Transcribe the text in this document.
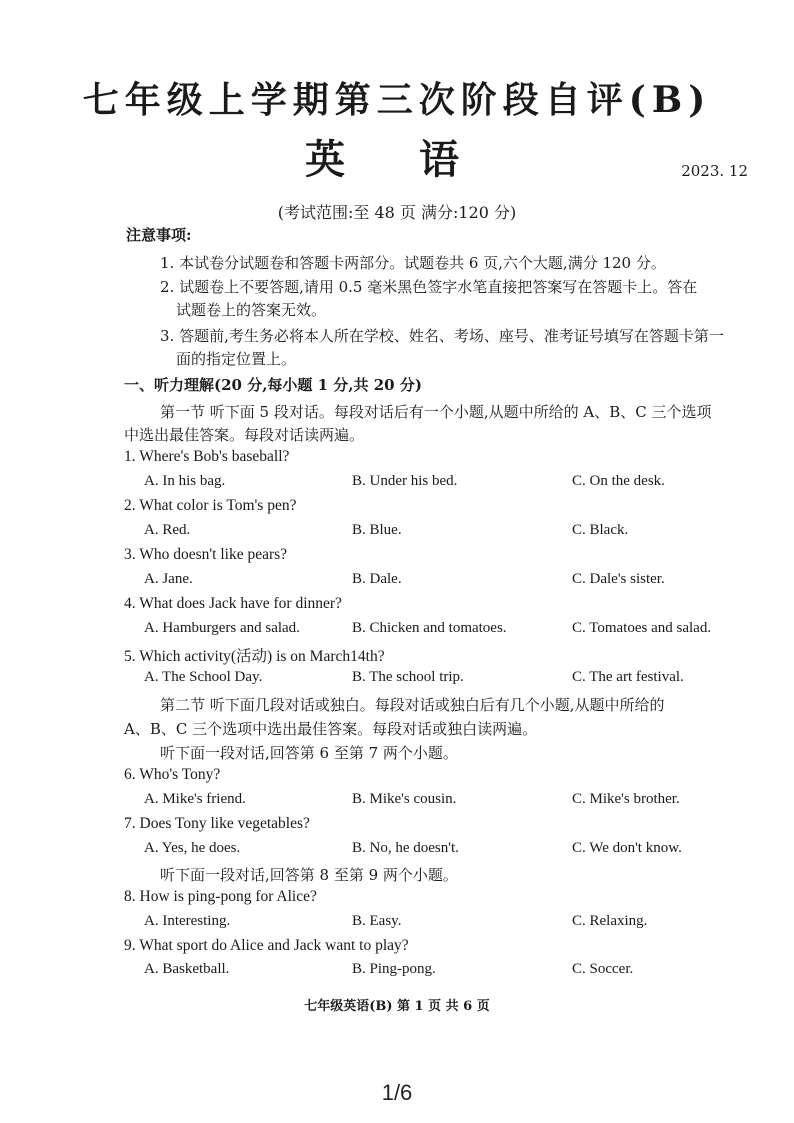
七年级上学期第三次阶段自评(B)
英 语	2023. 12
(考试范围:至 48 页 满分:120 分)
注意事项:
1. 本试卷分试题卷和答题卡两部分。试题卷共 6 页,六个大题,满分 120 分。
2. 试题卷上不要答题,请用 0.5 毫米黑色签字水笔直接把答案写在答题卡上。答在
试题卷上的答案无效。
3. 答题前,考生务必将本人所在学校、姓名、考场、座号、准考证号填写在答题卡第一
面的指定位置上。
一、听力理解(20 分,每小题 1 分,共 20 分)
第一节 听下面 5 段对话。每段对话后有一个小题,从题中所给的 A、B、C 三个选项
中选出最佳答案。每段对话读两遍。
1. Where's Bob's baseball?
A. In his bag.	B. Under his bed.	C. On the desk.
2. What color is Tom's pen?
A. Red.	B. Blue.	C. Black.
3. Who doesn't like pears?
A. Jane.	B. Dale.	C. Dale's sister.
4. What does Jack have for dinner?
A. Hamburgers and salad.	B. Chicken and tomatoes.	C. Tomatoes and salad.
5. Which activity(活动) is on March14th?
A. The School Day.	B. The school trip.	C. The art festival.
第二节 听下面几段对话或独白。每段对话或独白后有几个小题,从题中所给的
A、B、C 三个选项中选出最佳答案。每段对话或独白读两遍。
听下面一段对话,回答第 6 至第 7 两个小题。
6. Who's Tony?
A. Mike's friend.	B. Mike's cousin.	C. Mike's brother.
7. Does Tony like vegetables?
A. Yes, he does.	B. No, he doesn't.	C. We don't know.
听下面一段对话,回答第 8 至第 9 两个小题。
8. How is ping-pong for Alice?
A. Interesting.	B. Easy.	C. Relaxing.
9. What sport do Alice and Jack want to play?
A. Basketball.	B. Ping-pong.	C. Soccer.
七年级英语(B) 第 1 页 共 6 页
1/6
